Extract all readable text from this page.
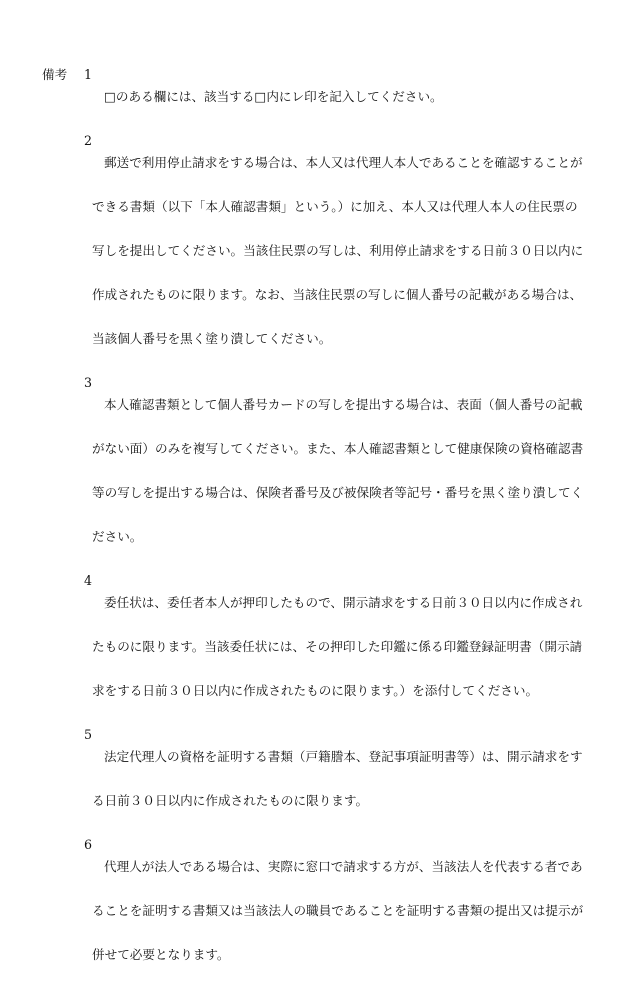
備考 1

□のある欄には、該当する□内にレ印を記入してください。

2

郵送で利用停止請求をする場合は、本人又は代理人本人であることを確認することが

できる書類（以下「本人確認書類」という。）に加え、本人又は代理人本人の住民票の

写しを提出してください。当該住民票の写しは、利用停止請求をする日前３０日以内に

作成されたものに限ります。なお、当該住民票の写しに個人番号の記載がある場合は、

当該個人番号を黒く塗り潰してください。

3

本人確認書類として個人番号カードの写しを提出する場合は、表面（個人番号の記載

がない面）のみを複写してください。また、本人確認書類として健康保険の資格確認書

等の写しを提出する場合は、保険者番号及び被保険者等記号・番号を黒く塗り潰してく

ださい。

4

委任状は、委任者本人が押印したもので、開示請求をする日前３０日以内に作成され

たものに限ります。当該委任状には、その押印した印鑑に係る印鑑登録証明書（開示請

求をする日前３０日以内に作成されたものに限ります。）を添付してください。

5

法定代理人の資格を証明する書類（戸籍謄本、登記事項証明書等）は、開示請求をす

る日前３０日以内に作成されたものに限ります。

6

代理人が法人である場合は、実際に窓口で請求する方が、当該法人を代表する者であ

ることを証明する書類又は当該法人の職員であることを証明する書類の提出又は提示が

併せて必要となります。
